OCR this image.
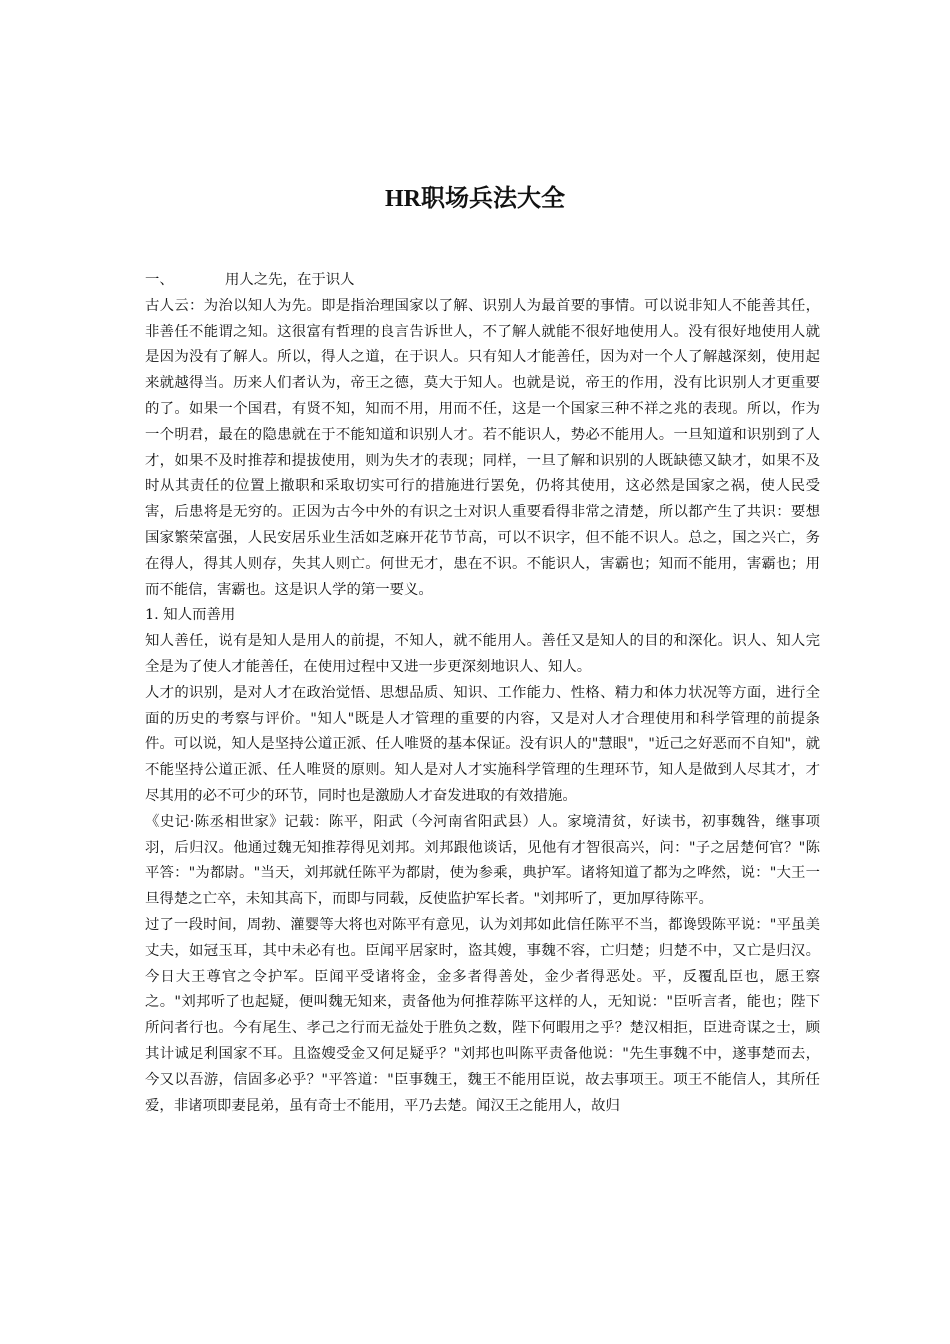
HR职场兵法大全

一、	用人之先，在于识人

古人云：为治以知人为先。即是指治理国家以了解、识别人为最首要的事情。可以说非知人不能善其任，非善任不能谓之知。这很富有哲理的良言告诉世人，不了解人就能不很好地使用人。没有很好地使用人就是因为没有了解人。所以，得人之道，在于识人。只有知人才能善任，因为对一个人了解越深刻，使用起来就越得当。历来人们者认为，帝王之德，莫大于知人。也就是说，帝王的作用，没有比识别人才更重要的了。如果一个国君，有贤不知，知而不用，用而不任，这是一个国家三种不祥之兆的表现。所以，作为一个明君，最在的隐患就在于不能知道和识别人才。若不能识人，势必不能用人。一旦知道和识别到了人才，如果不及时推荐和提拔使用，则为失才的表现；同样，一旦了解和识别的人既缺德又缺才，如果不及时从其责任的位置上撤职和采取切实可行的措施进行罢免，仍将其使用，这必然是国家之祸，使人民受害，后患将是无穷的。正因为古今中外的有识之士对识人重要看得非常之清楚，所以都产生了共识：要想国家繁荣富强，人民安居乐业生活如芝麻开花节节高，可以不识字，但不能不识人。总之，国之兴亡，务在得人，得其人则存，失其人则亡。何世无才，患在不识。不能识人，害霸也；知而不能用，害霸也；用而不能信，害霸也。这是识人学的第一要义。

1. 知人而善用

知人善任，说有是知人是用人的前提，不知人，就不能用人。善任又是知人的目的和深化。识人、知人完全是为了使人才能善任，在使用过程中又进一步更深刻地识人、知人。

人才的识别，是对人才在政治觉悟、思想品质、知识、工作能力、性格、精力和体力状况等方面，进行全面的历史的考察与评价。"知人"既是人才管理的重要的内容，又是对人才合理使用和科学管理的前提条件。可以说，知人是坚持公道正派、任人唯贤的基本保证。没有识人的"慧眼"，"近己之好恶而不自知"，就不能坚持公道正派、任人唯贤的原则。知人是对人才实施科学管理的生理环节，知人是做到人尽其才，才尽其用的必不可少的环节，同时也是激励人才奋发进取的有效措施。

《史记·陈丞相世家》记载：陈平，阳武（今河南省阳武县）人。家境清贫，好读书，初事魏咎，继事项羽，后归汉。他通过魏无知推荐得见刘邦。刘邦跟他谈话，见他有才智很高兴，问："子之居楚何官？"陈平答："为都尉。"当天，刘邦就任陈平为都尉，使为参乘，典护军。诸将知道了都为之哗然，说："大王一旦得楚之亡卒，未知其高下，而即与同载，反使监护军长者。"刘邦听了，更加厚待陈平。

过了一段时间，周勃、灌婴等大将也对陈平有意见，认为刘邦如此信任陈平不当，都谗毁陈平说："平虽美丈夫，如冠玉耳，其中未必有也。臣闻平居家时，盗其嫂，事魏不容，亡归楚；归楚不中，又亡是归汉。今日大王尊官之令护军。臣闻平受诸将金，金多者得善处，金少者得恶处。平，反覆乱臣也，愿王察之。"刘邦听了也起疑，便叫魏无知来，责备他为何推荐陈平这样的人，无知说："臣听言者，能也；陛下所问者行也。今有尾生、孝己之行而无益处于胜负之数，陛下何暇用之乎？楚汉相拒，臣进奇谋之士，顾其计诚足利国家不耳。且盗嫂受金又何足疑乎？"刘邦也叫陈平责备他说："先生事魏不中，遂事楚而去，今又以吾游，信固多必乎？"平答道："臣事魏王，魏王不能用臣说，故去事项王。项王不能信人，其所任爱，非诸项即妻昆弟，虽有奇士不能用，平乃去楚。闻汉王之能用人，故归
